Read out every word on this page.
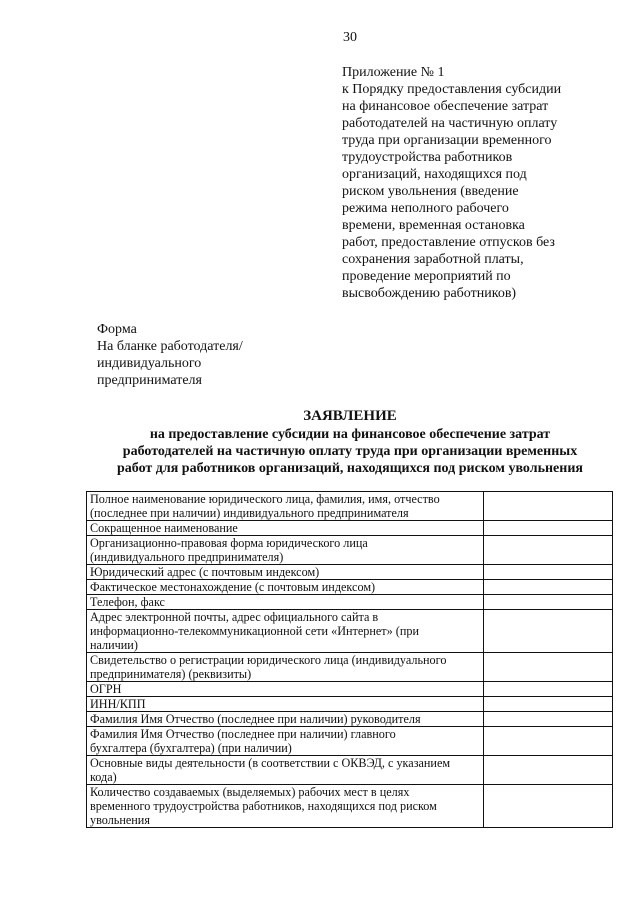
30
Приложение № 1
к Порядку предоставления субсидии
на финансовое обеспечение затрат
работодателей на частичную оплату
труда при организации временного
трудоустройства работников
организаций, находящихся под
риском увольнения (введение
режима неполного рабочего
времени, временная остановка
работ, предоставление отпусков без
сохранения заработной платы,
проведение мероприятий по
высвобождению работников)
Форма
На бланке работодателя/
индивидуального
предпринимателя
ЗАЯВЛЕНИЕ
на предоставление субсидии на финансовое обеспечение затрат
работодателей на частичную оплату труда при организации временных
работ для работников организаций, находящихся под риском увольнения
Полное наименование юридического лица, фамилия, имя, отчество
(последнее при наличии) индивидуального предпринимателя	

Сокращенное наименование	

Организационно-правовая форма юридического лица
(индивидуального предпринимателя)	

Юридический адрес (с почтовым индексом)	

Фактическое местонахождение (с почтовым индексом)	

Телефон, факс	

Адрес электронной почты, адрес официального сайта в
информационно-телекоммуникационной сети «Интернет» (при
наличии)	

Свидетельство о регистрации юридического лица (индивидуального
предпринимателя) (реквизиты)	

ОГРН	

ИНН/КПП	

Фамилия Имя Отчество (последнее при наличии) руководителя	

Фамилия Имя Отчество (последнее при наличии) главного
бухгалтера (бухгалтера) (при наличии)	

Основные виды деятельности (в соответствии с ОКВЭД, с указанием
кода)	

Количество создаваемых (выделяемых) рабочих мест в целях
временного трудоустройства работников, находящихся под риском
увольнения	
